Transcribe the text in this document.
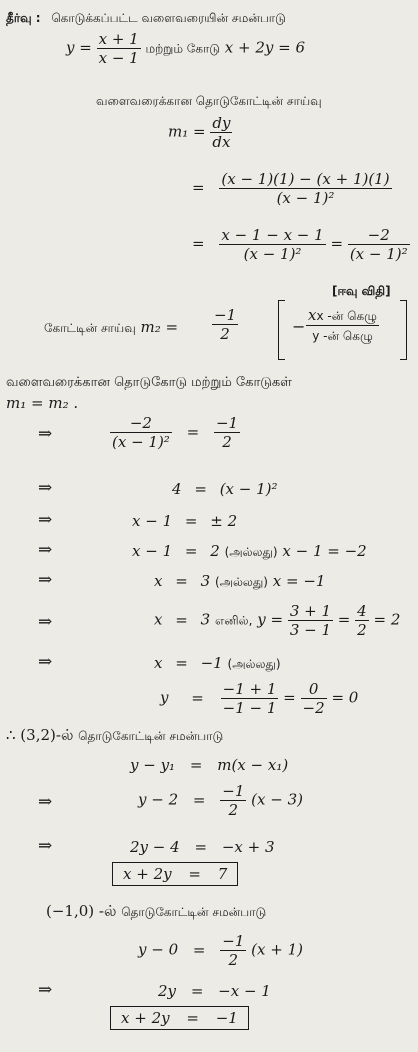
தீர்வு : கொடுக்கப்பட்ட வளைவரையின் சமன்பாடு
$y = \frac{x + 1}{x - 1}$ மற்றும் கோடு x + 2y = 6
வளைவரைக்கான தொடுகோட்டின் சாய்வு
$m_1 = \frac{dy}{dx}$
= $\frac{(x - 1)(1) - (x + 1)(1)}{\text{(x − 1)²}}$
= $\frac{x - 1 - x - 1}{\text{(x − 1)²}} = \frac{-2}{\text{(x − 1)²}}$
[ஈவு விதி]
கோட்டின் சாய்வு $m_2 = \frac{-1}{2}$	− $\frac{\text{xx -ன் கெழு}}{\text{y -ன் கெழு}}$
வளைவரைக்கான தொடுகோடு மற்றும் கோடுகள்
m₁ = m₂ .
⇒	$\frac{-2}{\text{(x − 1)²}} = \frac{-1}{2}$
⇒	4 = (x − 1)²
⇒	x − 1 = ± 2
⇒	x − 1 = 2 (அல்லது) x − 1 = −2
⇒	x = 3 (அல்லது) x = −1
⇒	x = 3 எனில், $y = \frac{3 + 1}{3 - 1} = \frac{4}{2} = 2$
⇒	x = −1 (அல்லது)
$y = \frac{-1 + 1}{-1 - 1} = \frac{0}{-2} = 0$
∴ (3,2)-ல் தொடுகோட்டின் சமன்பாடு
y − y₁ = m(x − x₁)
⇒	$y - 2 = \frac{-1}{2} (x - 3)$
⇒	2y − 4 = −x + 3
x + 2y = 7
(−1,0) -ல் தொடுகோட்டின் சமன்பாடு
$y - 0 = \frac{-1}{2} (x + 1)$
⇒	2y = −x − 1
x + 2y = −1
